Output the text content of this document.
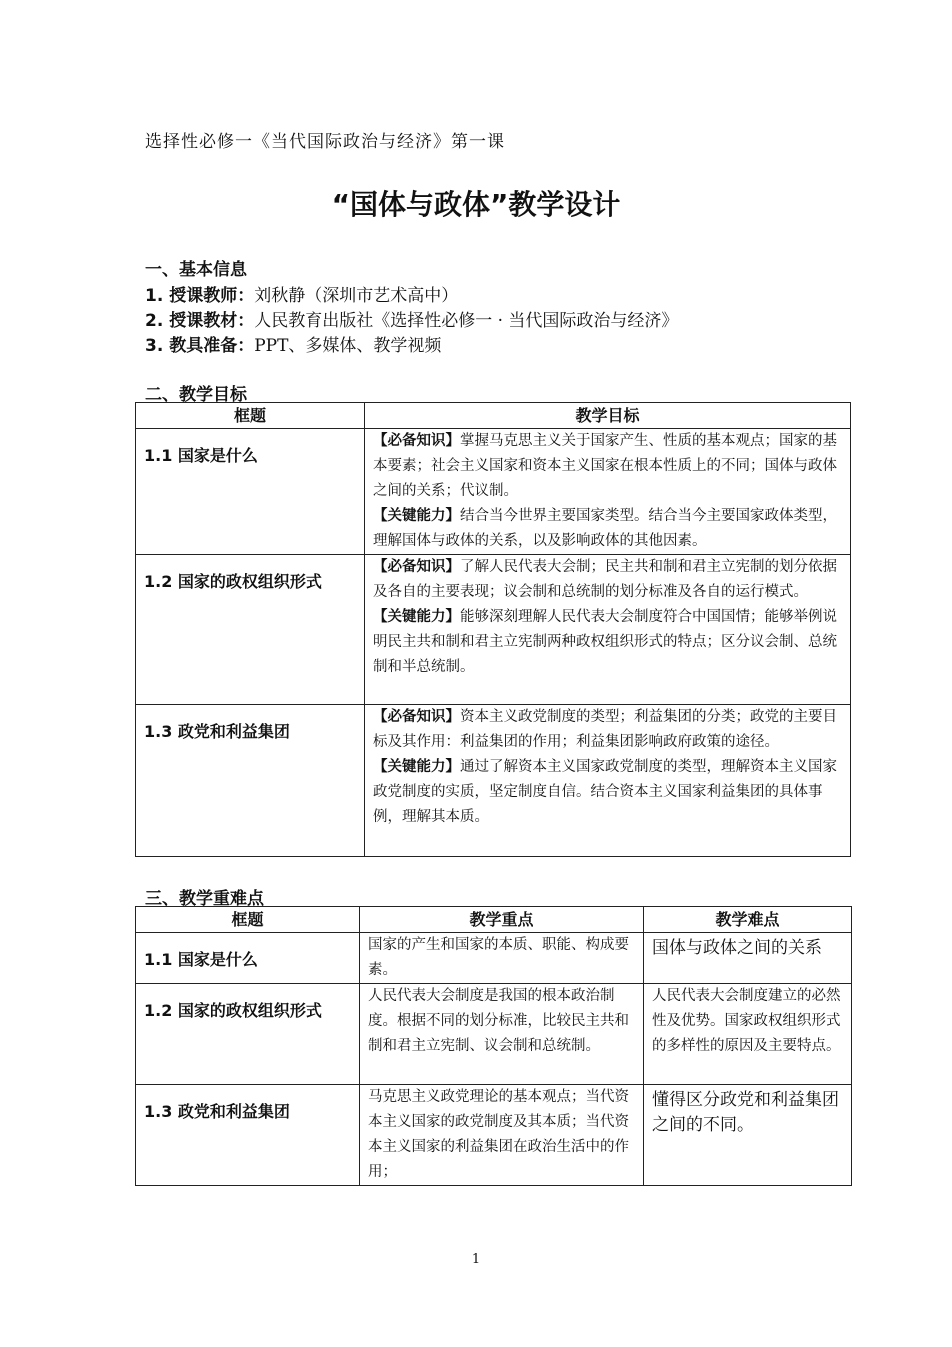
选择性必修一《当代国际政治与经济》第一课
“国体与政体”教学设计
一、基本信息
1. 授课教师：刘秋静（深圳市艺术高中）
2. 授课教材：人民教育出版社《选择性必修一 · 当代国际政治与经济》
3. 教具准备：PPT、多媒体、教学视频
二、教学目标
框题	教学目标
1.1 国家是什么	【必备知识】掌握马克思主义关于国家产生、性质的基本观点；国家的基本要素；社会主义国家和资本主义国家在根本性质上的不同；国体与政体之间的关系；代议制。
【关键能力】结合当今世界主要国家类型。结合当今主要国家政体类型，理解国体与政体的关系，以及影响政体的其他因素。
1.2 国家的政权组织形式	【必备知识】了解人民代表大会制；民主共和制和君主立宪制的划分依据及各自的主要表现；议会制和总统制的划分标准及各自的运行模式。
【关键能力】能够深刻理解人民代表大会制度符合中国国情；能够举例说明民主共和制和君主立宪制两种政权组织形式的特点；区分议会制、总统制和半总统制。
1.3 政党和利益集团	【必备知识】资本主义政党制度的类型；利益集团的分类；政党的主要目标及其作用：利益集团的作用；利益集团影响政府政策的途径。
【关键能力】通过了解资本主义国家政党制度的类型，理解资本主义国家政党制度的实质，坚定制度自信。结合资本主义国家利益集团的具体事例，理解其本质。
三、教学重难点
框题	教学重点	教学难点
1.1 国家是什么	国家的产生和国家的本质、职能、构成要素。	国体与政体之间的关系
1.2 国家的政权组织形式	人民代表大会制度是我国的根本政治制度。根据不同的划分标准，比较民主共和制和君主立宪制、议会制和总统制。	人民代表大会制度建立的必然性及优势。国家政权组织形式的多样性的原因及主要特点。
1.3 政党和利益集团	马克思主义政党理论的基本观点；当代资本主义国家的政党制度及其本质；当代资本主义国家的利益集团在政治生活中的作用；	懂得区分政党和利益集团之间的不同。
1
